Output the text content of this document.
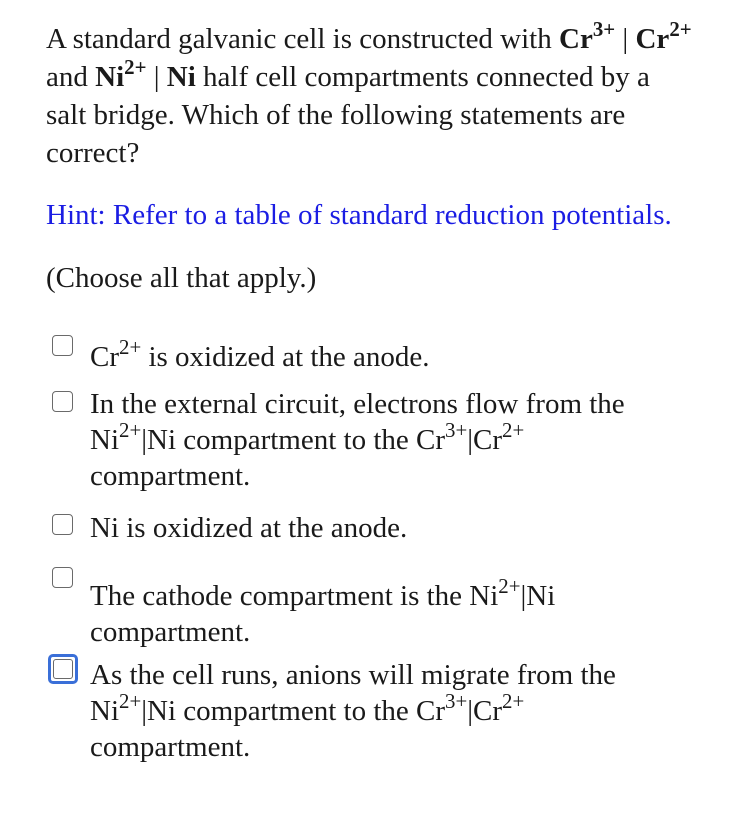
A standard galvanic cell is constructed with $Cr^{3+}$ | $Cr^{2+}$ and $Ni^{2+}$ | Ni half cell compartments connected by a salt bridge. Which of the following statements are correct?
Hint: Refer to a table of standard reduction potentials.
(Choose all that apply.)
$Cr^{2+}$ is oxidized at the anode.
In the external circuit, electrons flow from the
$Ni^{2+}|Ni$ compartment to the $Cr^{3+}|Cr^{2+}$
compartment.
Ni is oxidized at the anode.
The cathode compartment is the $Ni^{2+}|Ni$
compartment.
As the cell runs, anions will migrate from the
$Ni^{2+}|Ni$ compartment to the $Cr^{3+}|Cr^{2+}$
compartment.
